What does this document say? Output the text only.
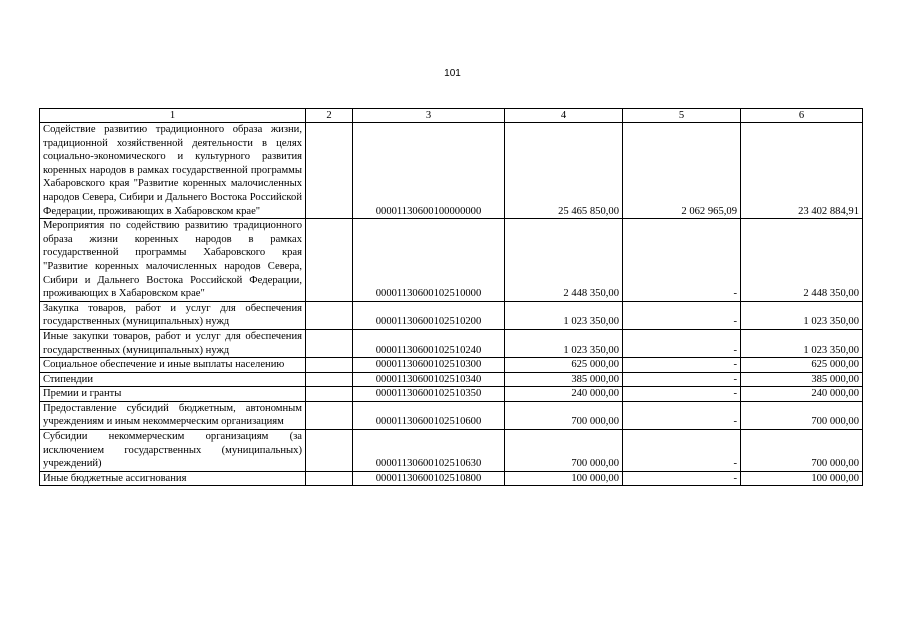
101
1	2	3	4	5	6
Содействие развитию традиционного образа жизни, традиционной хозяйственной деятельности в целях социально-экономического и культурного развития коренных народов в рамках государственной программы Хабаровского края "Развитие коренных малочисленных народов Севера, Сибири и Дальнего Востока Российской Федерации, проживающих в Хабаровском крае"		00001130600100000000	25 465 850,00	2 062 965,09	23 402 884,91
Мероприятия по содействию развитию традиционного образа жизни коренных народов в рамках государственной программы Хабаровского края "Развитие коренных малочисленных народов Севера, Сибири и Дальнего Востока Российской Федерации, проживающих в Хабаровском крае"		00001130600102510000	2 448 350,00	-	2 448 350,00
Закупка товаров, работ и услуг для обеспечения государственных (муниципальных) нужд		00001130600102510200	1 023 350,00	-	1 023 350,00
Иные закупки товаров, работ и услуг для обеспечения государственных (муниципальных) нужд		00001130600102510240	1 023 350,00	-	1 023 350,00
Социальное обеспечение и иные выплаты населению		00001130600102510300	625 000,00	-	625 000,00
Стипендии		00001130600102510340	385 000,00	-	385 000,00
Премии и гранты		00001130600102510350	240 000,00	-	240 000,00
Предоставление субсидий бюджетным, автономным учреждениям и иным некоммерческим организациям		00001130600102510600	700 000,00	-	700 000,00
Субсидии некоммерческим организациям (за исключением государственных (муниципальных) учреждений)		00001130600102510630	700 000,00	-	700 000,00
Иные бюджетные ассигнования		00001130600102510800	100 000,00	-	100 000,00
